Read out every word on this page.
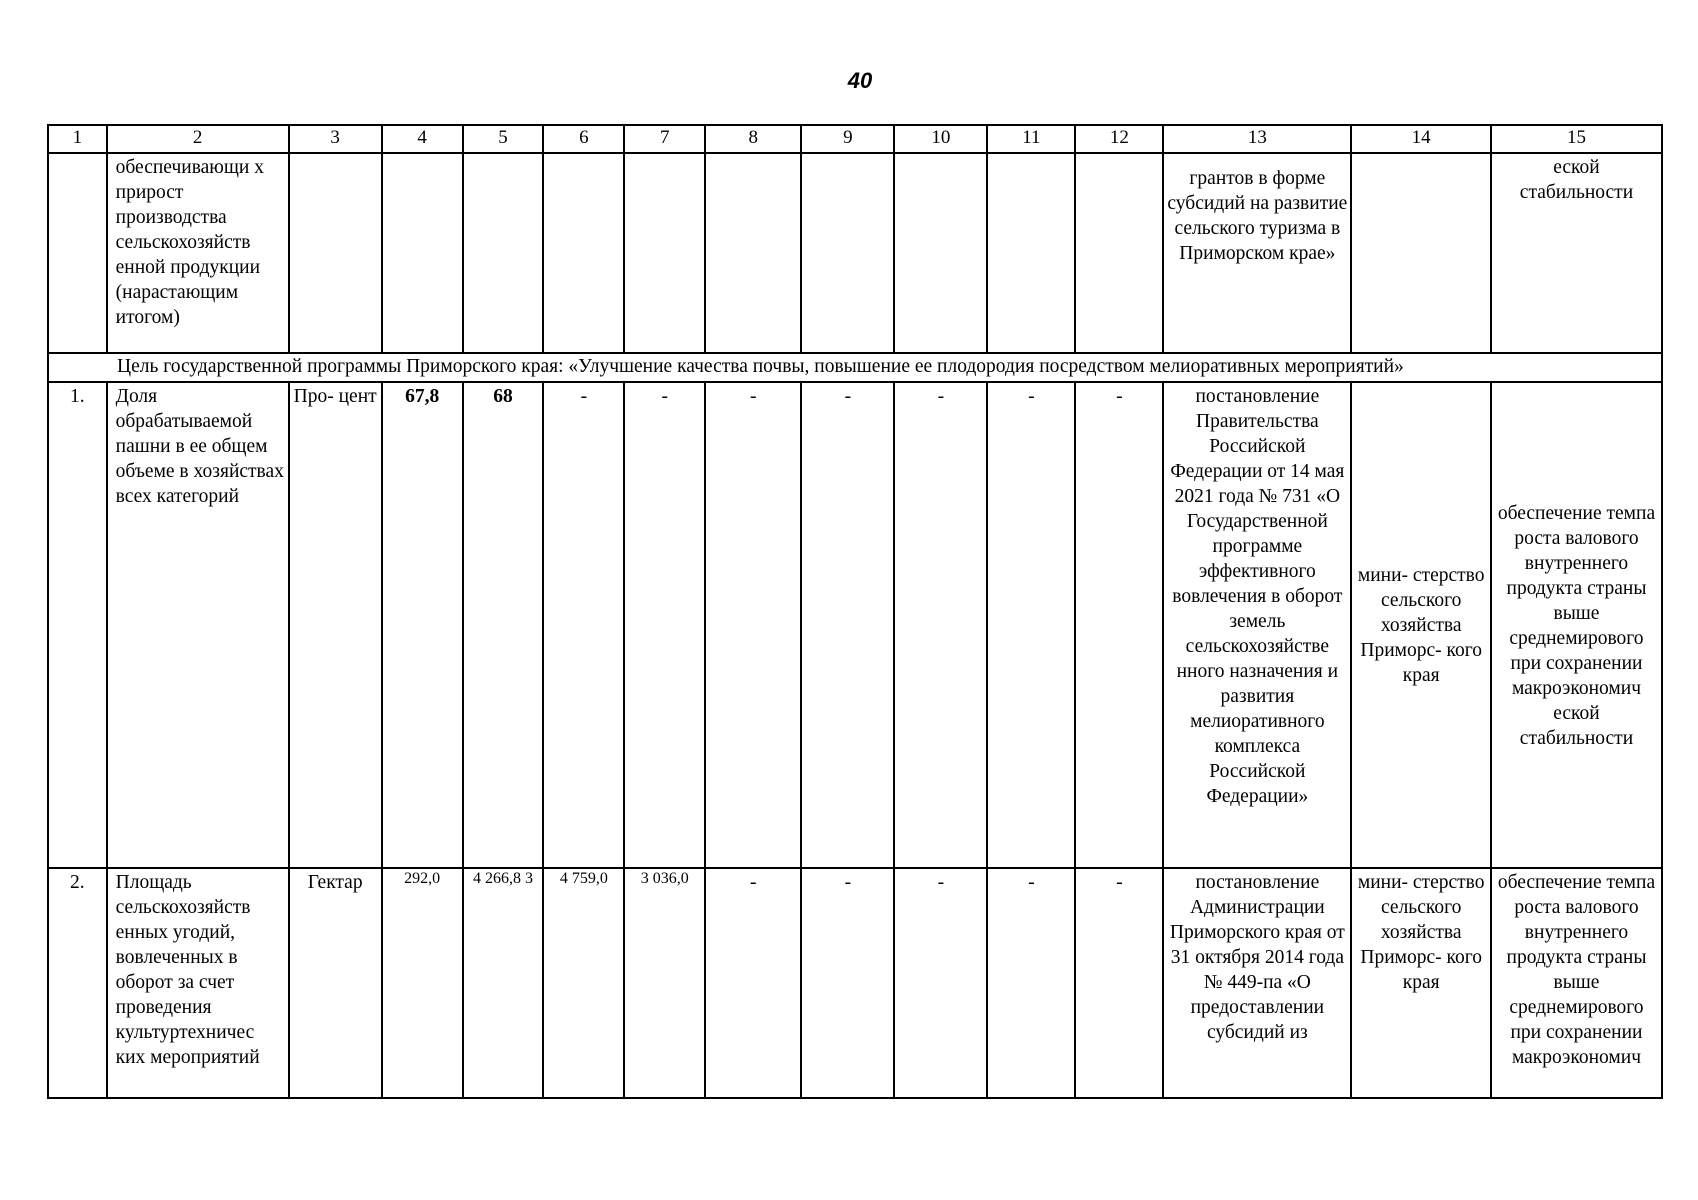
40
1	2	3	4	5	6	7	8	9	10	11	12	13	14	15
	обеспечивающи х прирост производства сельскохозяйств енной продукции (нарастающим итогом)											грантов в форме субсидий на развитие сельского туризма в Приморском крае»		еской стабильности
Цель государственной программы Приморского края: «Улучшение качества почвы, повышение ее плодородия посредством мелиоративных мероприятий»														
1.	Доля обрабатываемой пашни в ее общем объеме в хозяйствах всех категорий	Про- цент	67,8	68	-	-	-	-	-	-	-	постановление Правительства Российской Федерации от 14 мая 2021 года № 731 «О Государственной программе эффективного вовлечения в оборот земель сельскохозяйстве нного назначения и развития мелиоративного комплекса Российской Федерации»	мини- стерство сельского хозяйства Приморс- кого края	обеспечение темпа роста валового внутреннего продукта страны выше среднемирового при сохранении макроэкономич еской стабильности
2.	Площадь сельскохозяйств енных угодий, вовлеченных в оборот за счет проведения культуртехничес ких мероприятий	Гектар	292,0	4 266,8 3	4 759,0	3 036,0	-	-	-	-	-	постановление Администрации Приморского края от 31 октября 2014 года № 449-па «О предоставлении субсидий из	мини- стерство сельского хозяйства Приморс- кого края	обеспечение темпа роста валового внутреннего продукта страны выше среднемирового при сохранении макроэкономич
